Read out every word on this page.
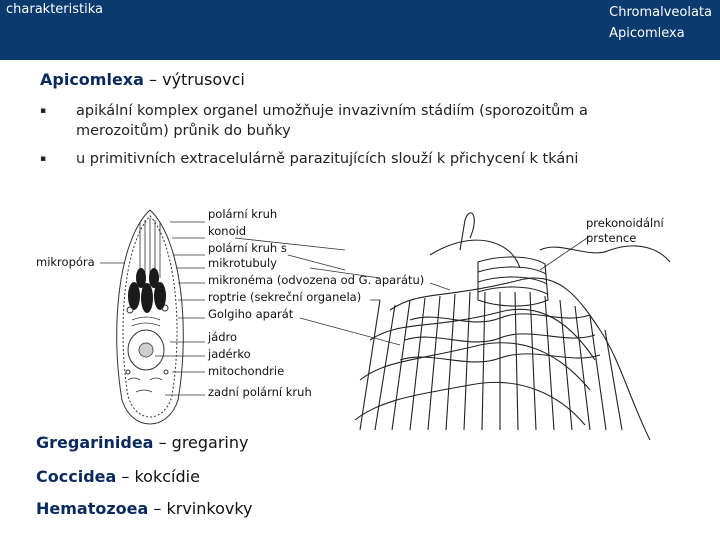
charakteristika	Chromalveolata
Apicomlexa
Apicomlexa – výtrusovci
▪ apikální komplex organel umožňuje invazivním stádiím (sporozoitům a merozoitům) průnik do buňky
▪ u primitivních extracelulárně parazitujících slouží k přichycení k tkáni
mikropóra
polární kruh
konoid
polární kruh s
mikrotubuly
mikronéma (odvozena od G. aparátu)
roptrie (sekreční organela)
Golgiho aparát
jádro
jadérko
mitochondrie
zadní polární kruh
prekonoidální
prstence
Gregarinidea – gregariny
Coccidea – kokcídie
Hematozoea – krvinkovky
